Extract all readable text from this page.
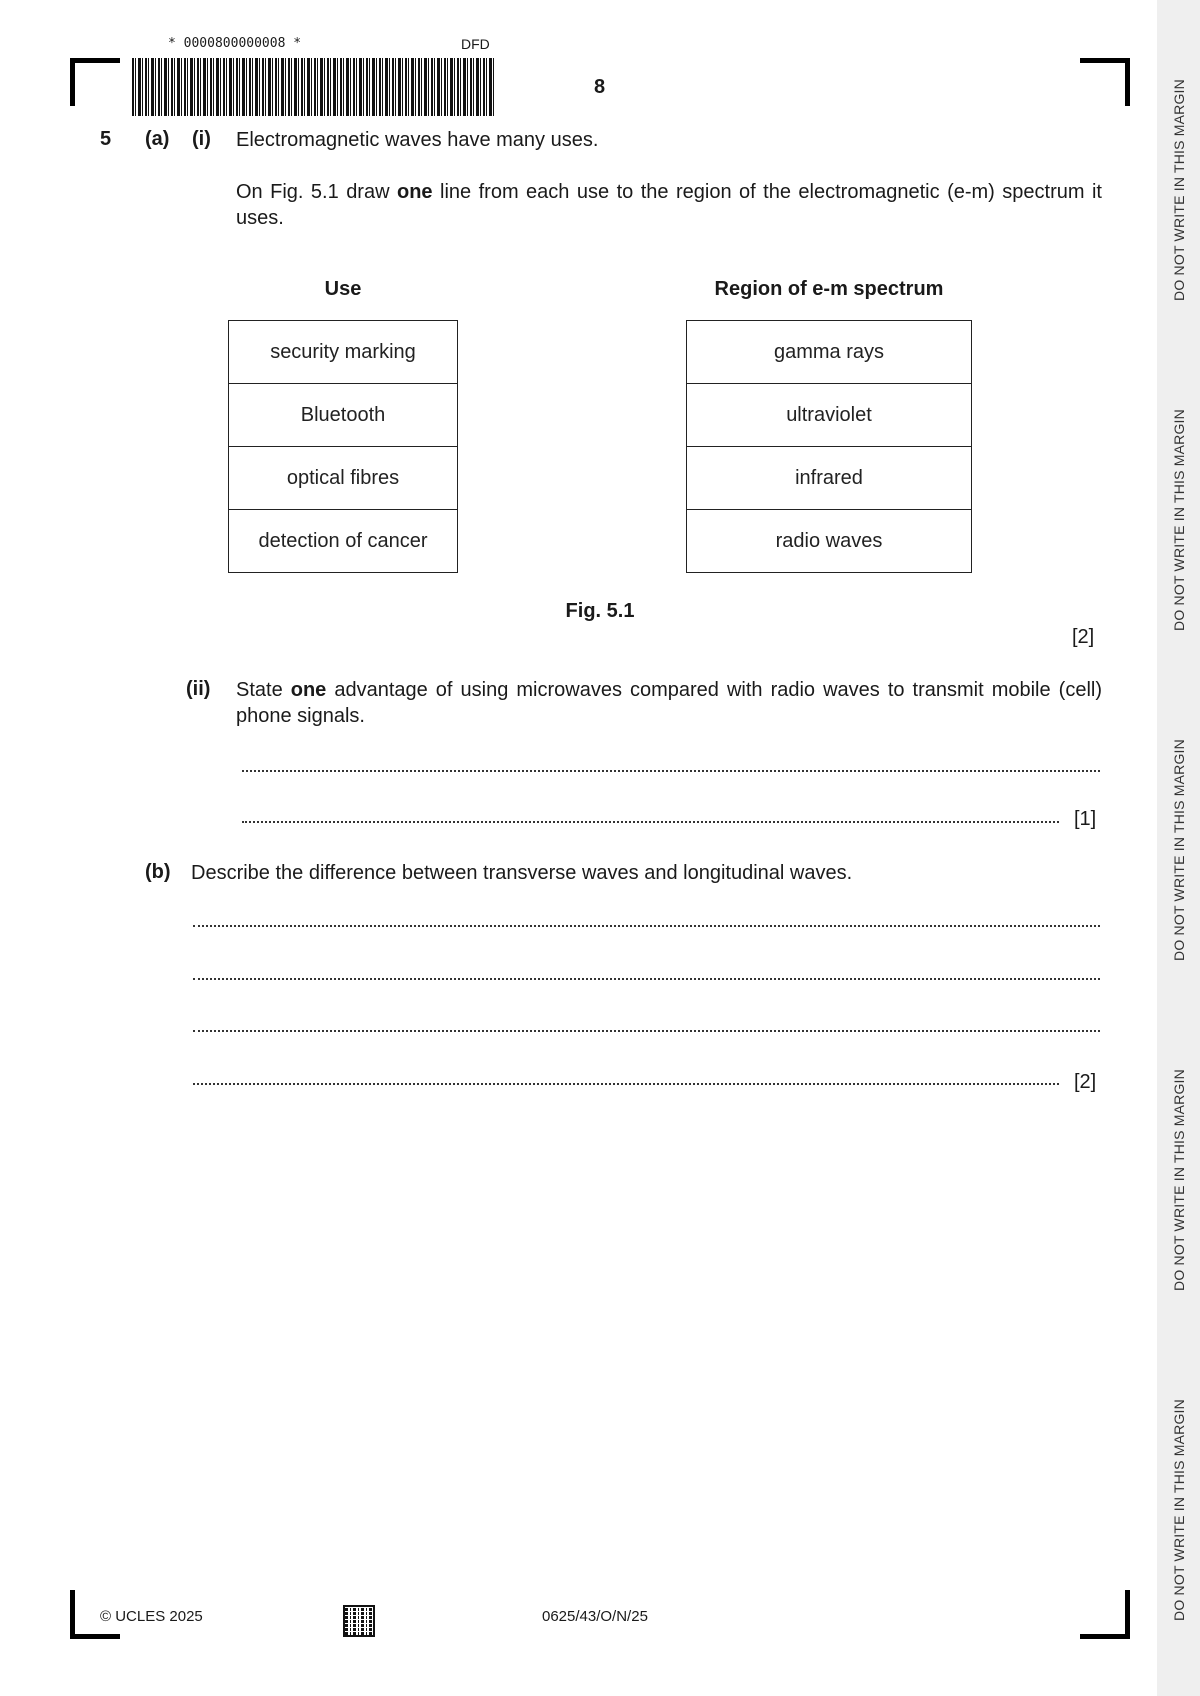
DO NOT WRITE IN THIS MARGIN
DO NOT WRITE IN THIS MARGIN
DO NOT WRITE IN THIS MARGIN
DO NOT WRITE IN THIS MARGIN
DO NOT WRITE IN THIS MARGIN
* 0000800000008 *	DFD
8
5 (a) (i) Electromagnetic waves have many uses.
On Fig. 5.1 draw one line from each use to the region of the electromagnetic (e-m) spectrum it uses.
Use	Region of e-m spectrum
security marking
Bluetooth
optical fibres
detection of cancer
gamma rays
ultraviolet
infrared
radio waves
Fig. 5.1
[2]
(ii) State one advantage of using microwaves compared with radio waves to transmit mobile (cell) phone signals.
[1]
(b) Describe the difference between transverse waves and longitudinal waves.
[2]
© UCLES 2025	0625/43/O/N/25
